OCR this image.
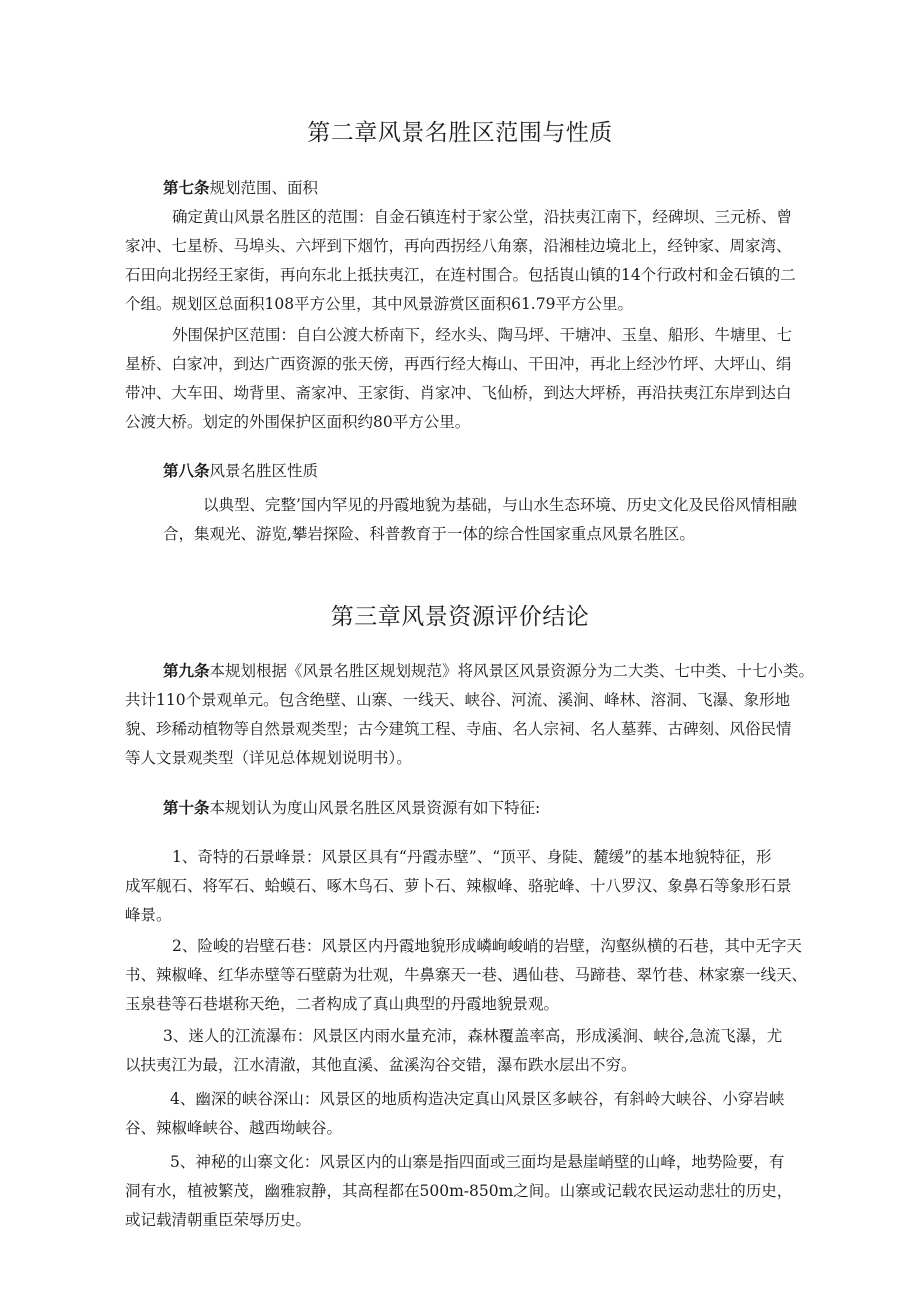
第二章风景名胜区范围与性质

第七条规划范围、面积

确定黄山风景名胜区的范围：自金石镇连村于家公堂，沿扶夷江南下，经碑坝、三元桥、曾
家冲、七星桥、马埠头、六坪到下烟竹，再向西拐经八角寨，沿湘桂边境北上，经钟家、周家湾、
石田向北拐经王家街，再向东北上抵扶夷江，在连村围合。包括崀山镇的14个行政村和金石镇的二
个组。规划区总面积108平方公里，其中风景游赏区面积61.79平方公里。
外围保护区范围：自白公渡大桥南下，经水头、陶马坪、干塘冲、玉皇、船形、牛塘里、七
星桥、白家冲，到达广西资源的张天傍，再西行经大梅山、干田冲，再北上经沙竹坪、大坪山、绢
带冲、大车田、坳背里、斋家冲、王家街、肖家冲、飞仙桥，到达大坪桥，再沿扶夷江东岸到达白
公渡大桥。划定的外围保护区面积约80平方公里。

第八条风景名胜区性质

以典型、完整’国内罕见的丹霞地貌为基础，与山水生态环境、历史文化及民俗风情相融
合，集观光、游览,攀岩探险、科普教育于一体的综合性国家重点风景名胜区。
第三章风景资源评价结论
第九条本规划根据《风景名胜区规划规范》将风景区风景资源分为二大类、七中类、十七小类。
共计110个景观单元。包含绝壁、山寨、一线天、峡谷、河流、溪涧、峰林、溶洞、飞瀑、象形地
貌、珍稀动植物等自然景观类型；古今建筑工程、寺庙、名人宗祠、名人墓葬、古碑刻、风俗民情
等人文景观类型（详见总体规划说明书）。

第十条本规划认为度山风景名胜区风景资源有如下特征:

1、奇特的石景峰景：风景区具有“丹霞赤壁”、“顶平、身陡、麓缓”的基本地貌特征，形
成军舰石、将军石、蛤蟆石、啄木鸟石、萝卜石、辣椒峰、骆驼峰、十八罗汉、象鼻石等象形石景
峰景。
2、险峻的岩壁石巷：风景区内丹霞地貌形成嶙峋峻峭的岩壁，沟壑纵横的石巷，其中无字天
书、辣椒峰、红华赤壁等石壁蔚为壮观，牛鼻寨天一巷、遇仙巷、马蹄巷、翠竹巷、林家寨一线天、
玉泉巷等石巷堪称天绝，二者构成了真山典型的丹霞地貌景观。
3、迷人的江流瀑布：风景区内雨水量充沛，森林覆盖率高，形成溪涧、峡谷,急流飞瀑，尤
以扶夷江为最，江水清澈，其他直溪、盆溪沟谷交错，瀑布跌水层出不穷。
4、幽深的峡谷深山：风景区的地质构造决定真山风景区多峡谷，有斜岭大峡谷、小穿岩峡
谷、辣椒峰峡谷、越西坳峡谷。
5、神秘的山寨文化：风景区内的山寨是指四面或三面均是悬崖峭壁的山峰，地势险要，有
洞有水，植被繁茂，幽雅寂静，其高程都在500m-850m之间。山寨或记载农民运动悲壮的历史，
或记载清朝重臣荣辱历史。
